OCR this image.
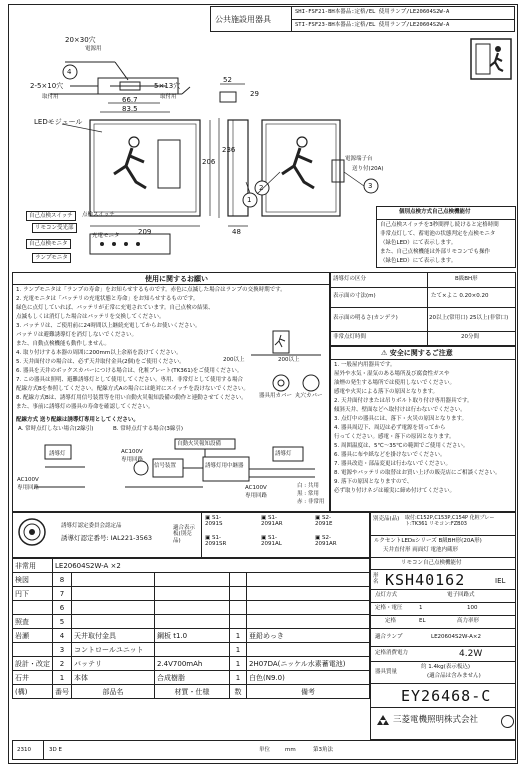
公共施設用器具
SHI-FSF21-BH本器品:定格/EL 使用ランプ/LE20604S2W-A
STI-FSF23-BH本器品:定格/EL 使用ランプ/LE20604S2W-A
4
2	3
1
20×30穴
電源用
2-5×10穴
取付用	66.7
83.5
5×13穴
取付用
52
29
206
236
209	48
LEDモジュール
電源端子台
送り付(20A)
自己点検スイッチ	点検スイッチ
リモコン受光部
充電モニタ
自己点検モニタ
ランプモニタ
個別点検方式自己点検機能付
自己点検スイッチを3秒間押し続けると定格時間
非常点灯して、蓄電池の状態判定を点検モニタ
（緑色LED）にて表示します。
また、自己点検機能は外部リモコンでも操作
（緑色LED）にて表示します。
使用に関するお願い
1. ランプモニタは「ランプの寿命」をお知らせするものです。赤色に点滅した場合はランプの交換時期です。
2. 充電モニタは「バッテリの充電状態と寿命」をお知らせするものです。
緑色に点灯していれば、バッテリが正常に充電されています。自己点検の結果、
点滅もしくは消灯した場合はバッテリを交換してください。
3. バッテリは、ご使用前に24時間以上継続充電してからお使いください。
バッテリは避難誘導灯を消灯しないでください。
また、自動点検機能も動作しません。
4. 取り付けする本器の周囲に200mm以上余裕を設けてください。
5. 天井面付けの場合は、必ず天井取付金具(2個)をご使用ください。
6. 器具を天井のボックスカバーにつける場合は、化粧プレート(TK361)をご使用ください。
7. この器具は照明、避難誘導灯として使用してください。専用、非常灯として使用する場合
配線方式Bを参照してください。配線方式Aの場合には絶対にスイッチを設けないでください。
8. 配線方式Bは、誘導灯用信号装置等を用い自動火災報知設備の動作と連動させてください。
また、事前に誘導灯の器具の寿命を確認してください。
200以上	200以上
器具用カバー 丸穴カバー
配線方式 送り配線は誘導灯専用としてください。
A. 常時点灯しない場合(2線引)	B. 常時点灯する場合(3線引)
誘導灯
AC100V
専用回路
AC100V
専用回路
自動火災報知設備
信号装置	誘導灯用中継器
誘導灯
AC100V
専用回路
白 : 共用
黒 : 常用
赤 : 非常用
誘導灯の区分	B級BH形
表示面の寸法(m)	たて×よこ 0.20×0.20
表示面の明るさ(カンデラ)	20以上(常用口) 25以上(非常口)
非常点灯時間	20分間
⚠ 安全に関するご注意
1. 一般屋内用器具です。
屋外や水気・湿気のある場所及び腐食性ガスや
油煙の発生する場所では使用しないでください。
感電や火災による落下の原因となります。
2. 天井面付けまたは吊りボルト取り付け専用器具です。
傾斜天井、壁面などへ取付けは行わないでください。
3. 点灯中の器具には、落下・火災の原因となります。
4. 器具周辺下、周辺は必ず電源を切ってから
行ってください。感電・落下の原因となります。
5. 周囲温度は、5℃〜35℃の範囲でご使用ください。
6. 器具に布や紙などを掛けないでください。
7. 器具改造・部品変更は行わないでください。
8. 電源やバッテリの取替はお買い上げの販売店にご相談ください。
9. 落下の原因となりますので、
必ず取り付けネジは確実に締め付けてください。
誘導灯認定委員会認定品
誘導灯認定番号: IAL221-3563
適合表示板(別売品)
▣ S1-
2091S
▣ S1-
2091SR
▣ S1-
2091AR
▣ S1-
2091AL
▣ S2-
2091E
▣ S2-
2091AR
非常用	LE20604S2W-A ×2				
検図	8				
円下	7				
	6				
照査	5				
岩瀬	4	天井取付金具	鋼板 t1.0	1	亜鉛めっき
	3	コントロールユニット		1	
設計・改定	2	バッテリ	2.4V700mAh	1	2H07DA(ニッケル水素蓄電池)
石井	1	本体	合成樹脂	1	白色(N9.0)
(構)	番号	部品名	材質・仕様	数	備考
別売品(品)	取付:C152P,C153P,C154P 化粧プレート:TK361 リモコン:FZB03
ルクセントLEDsシリーズ B級BH形(20A形)
天井直付形 両面灯 電池内蔵形
リモコン自己点検機能付
形名 KSH40162	IEL
点灯方式	電子回路式
定格・電圧	1	100
定格	EL	高力率形
適合ランプ	LE20604S2W-A×2
定格消費電力	4.2W
器具質量
約 1.4kg(表示板込)
(適合品は含みません)
EY26468-C
三菱電機照明株式会社
2310	3D E	単位	mm	第3角法
